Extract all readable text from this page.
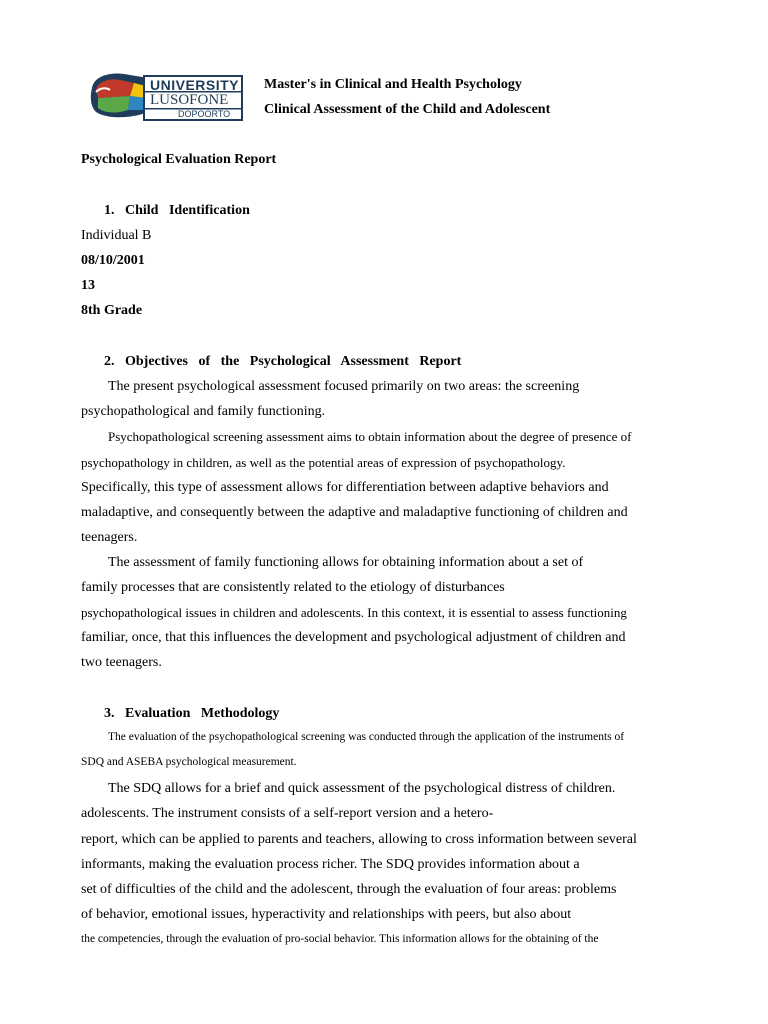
UNIVERSITY
LUSOFONE
DOPOORTO
Master's in Clinical and Health Psychology
Clinical Assessment of the Child and Adolescent
Psychological Evaluation Report
1.   Child   Identification
Individual B
08/10/2001
13
8th Grade
2.   Objectives   of   the   Psychological   Assessment   Report
The present psychological assessment focused primarily on two areas: the screening
psychopathological and family functioning.
Psychopathological screening assessment aims to obtain information about the degree of presence of
psychopathology in children, as well as the potential areas of expression of psychopathology.
Specifically, this type of assessment allows for differentiation between adaptive behaviors and
maladaptive, and consequently between the adaptive and maladaptive functioning of children and
teenagers.
The assessment of family functioning allows for obtaining information about a set of
family processes that are consistently related to the etiology of disturbances
psychopathological issues in children and adolescents. In this context, it is essential to assess functioning
familiar, once, that this influences the development and psychological adjustment of children and
two teenagers.
3.   Evaluation   Methodology
The evaluation of the psychopathological screening was conducted through the application of the instruments of
SDQ and ASEBA psychological measurement.
The SDQ allows for a brief and quick assessment of the psychological distress of children.
adolescents. The instrument consists of a self-report version and a hetero-
report, which can be applied to parents and teachers, allowing to cross information between several
informants, making the evaluation process richer. The SDQ provides information about a
set of difficulties of the child and the adolescent, through the evaluation of four areas: problems
of behavior, emotional issues, hyperactivity and relationships with peers, but also about
the competencies, through the evaluation of pro-social behavior. This information allows for the obtaining of the
